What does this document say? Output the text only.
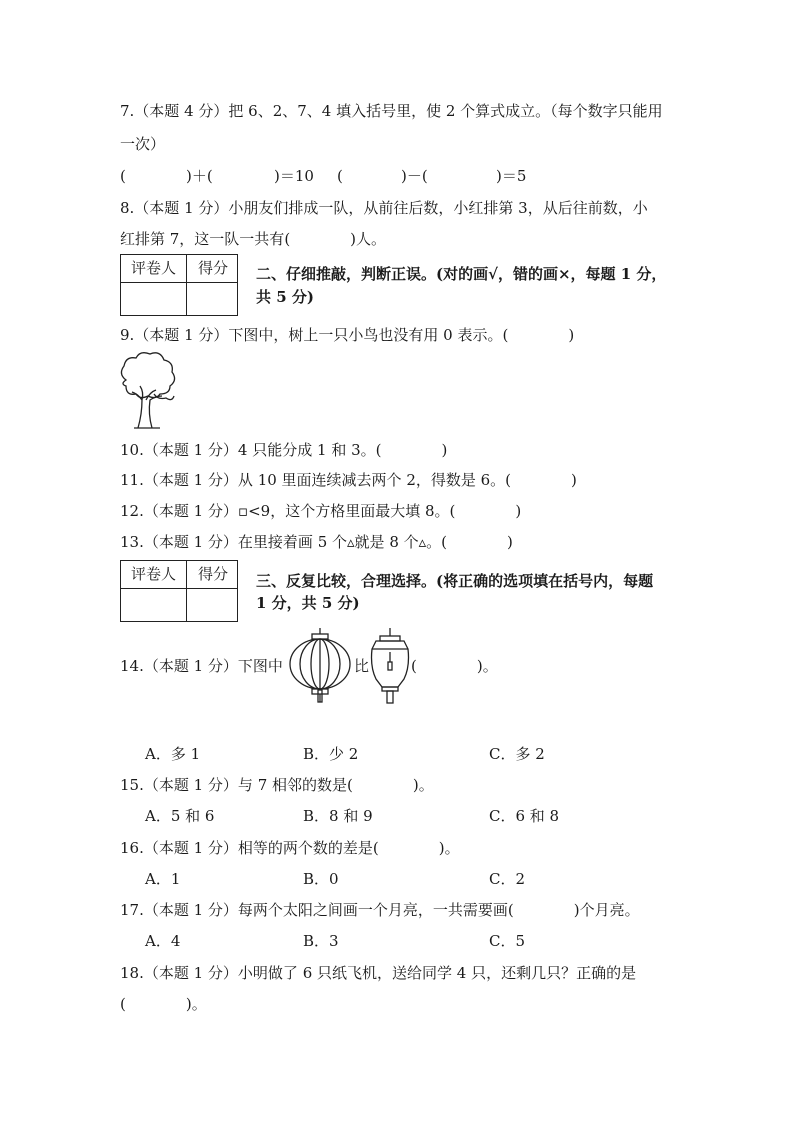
7.（本题 4 分）把 6、2、7、4 填入括号里，使 2 个算式成立。（每个数字只能用
一次）
(	)＋(	)＝10 (	)－(	)＝5
8.（本题 1 分）小朋友们排成一队，从前往后数，小红排第 3，从后往前数，小
红排第 7，这一队一共有(　　　　)人。
评卷人	得分	二、仔细推敲，判断正误。(对的画√，错的画×，每题 1 分，
共 5 分)
9.（本题 1 分）下图中，树上一只小鸟也没有用 0 表示。(　　　　)
10.（本题 1 分）4 只能分成 1 和 3。(　　　　)
11.（本题 1 分）从 10 里面连续减去两个 2，得数是 6。(　　　　)
12.（本题 1 分）▫<9，这个方格里面最大填 8。(　　　　)
13.（本题 1 分）在里接着画 5 个▵就是 8 个▵。(　　　　)
评卷人	得分	三、反复比较，合理选择。(将正确的选项填在括号内，每题
1 分，共 5 分)
14.（本题 1 分）下图中	比	(　　　　)。
A．多 1	B．少 2	C．多 2
15.（本题 1 分）与 7 相邻的数是(　　　　)。
A．5 和 6	B．8 和 9	C．6 和 8
16.（本题 1 分）相等的两个数的差是(　　　　)。
A．1	B．0	C．2
17.（本题 1 分）每两个太阳之间画一个月亮，一共需要画(　　　　)个月亮。
A．4	B．3	C．5
18.（本题 1 分）小明做了 6 只纸飞机，送给同学 4 只，还剩几只？正确的是
(　　　　)。
